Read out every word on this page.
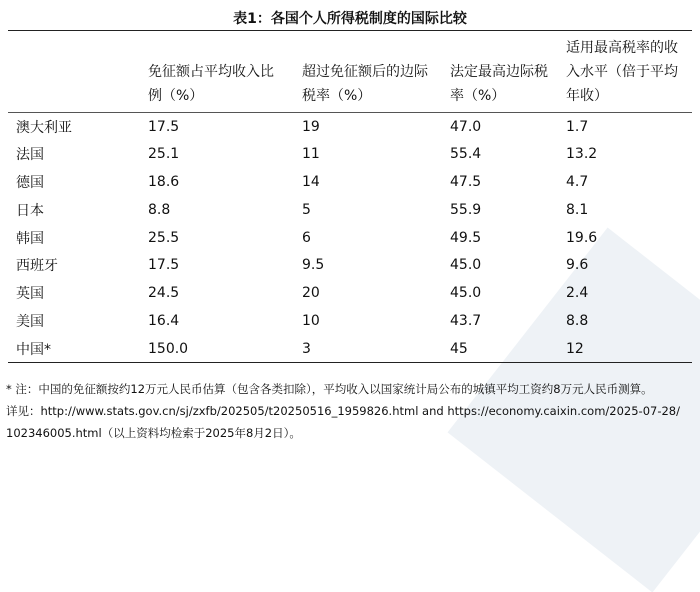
表1：各国个人所得税制度的国际比较
	免征额占平均收入比例（%）	超过免征额后的边际税率（%）	法定最高边际税率（%）	适用最高税率的收入水平（倍于平均年收）
澳大利亚	17.5	19	47.0	1.7
法国	25.1	11	55.4	13.2
德国	18.6	14	47.5	4.7
日本	8.8	5	55.9	8.1
韩国	25.5	6	49.5	19.6
西班牙	17.5	9.5	45.0	9.6
英国	24.5	20	45.0	2.4
美国	16.4	10	43.7	8.8
中国*	150.0	3	45	12
* 注：中国的免征额按约12万元人民币估算（包含各类扣除），平均收入以国家统计局公布的城镇平均工资约8万元人民币测算。
详见：http://www.stats.gov.cn/sj/zxfb/202505/t20250516_1959826.html and https://economy.caixin.com/2025-07-28/
102346005.html（以上资料均检索于2025年8月2日）。
